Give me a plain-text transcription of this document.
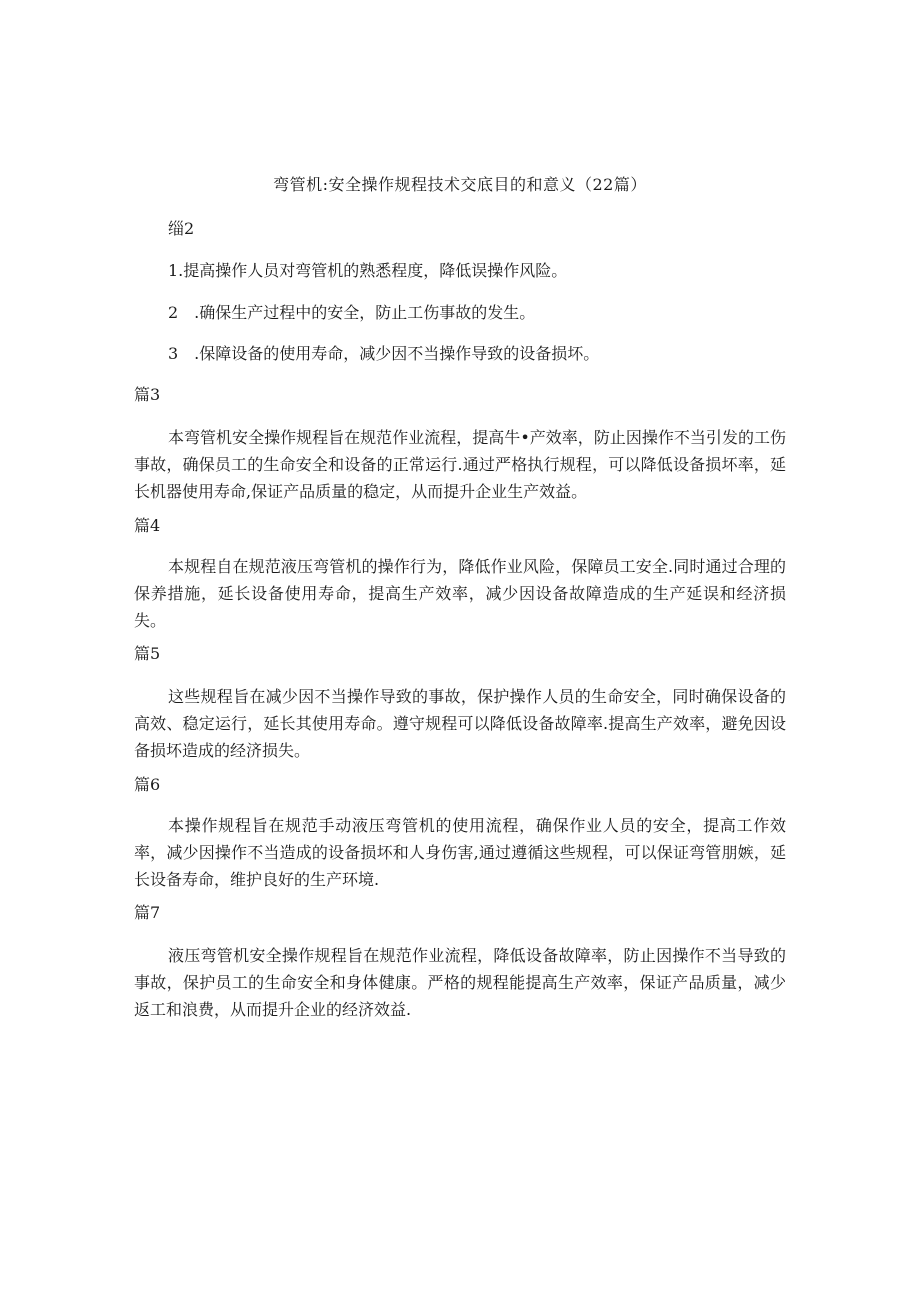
弯管机:安全操作规程技术交底目的和意义（22篇）
缁2
1.提高操作人员对弯管机的熟悉程度，降低误操作风险。
2　.确保生产过程中的安全，防止工伤事故的发生。
3　.保障设备的使用寿命，减少因不当操作导致的设备损坏。
篇3
本弯管机安全操作规程旨在规范作业流程，提高牛•产效率，防止因操作不当引发的工伤事故，确保员工的生命安全和设备的正常运行.通过严格执行规程，可以降低设备损坏率，延长机器使用寿命,保证产品质量的稳定，从而提升企业生产效益。
篇4
本规程自在规范液压弯管机的操作行为，降低作业风险，保障员工安全.同时通过合理的保养措施，延长设备使用寿命，提高生产效率，减少因设备故障造成的生产延误和经济损失。
篇5
这些规程旨在减少因不当操作导致的事故，保护操作人员的生命安全，同时确保设备的高效、稳定运行，延长其使用寿命。遵守规程可以降低设备故障率.提高生产效率，避免因设备损坏造成的经济损失。
篇6
本操作规程旨在规范手动液压弯管机的使用流程，确保作业人员的安全，提高工作效率，减少因操作不当造成的设备损坏和人身伤害,通过遵循这些规程，可以保证弯管朋嫉，延长设备寿命，维护良好的生产环境.
篇7
液压弯管机安全操作规程旨在规范作业流程，降低设备故障率，防止因操作不当导致的事故，保护员工的生命安全和身体健康。严格的规程能提高生产效率，保证产品质量，减少返工和浪费，从而提升企业的经济效益.
